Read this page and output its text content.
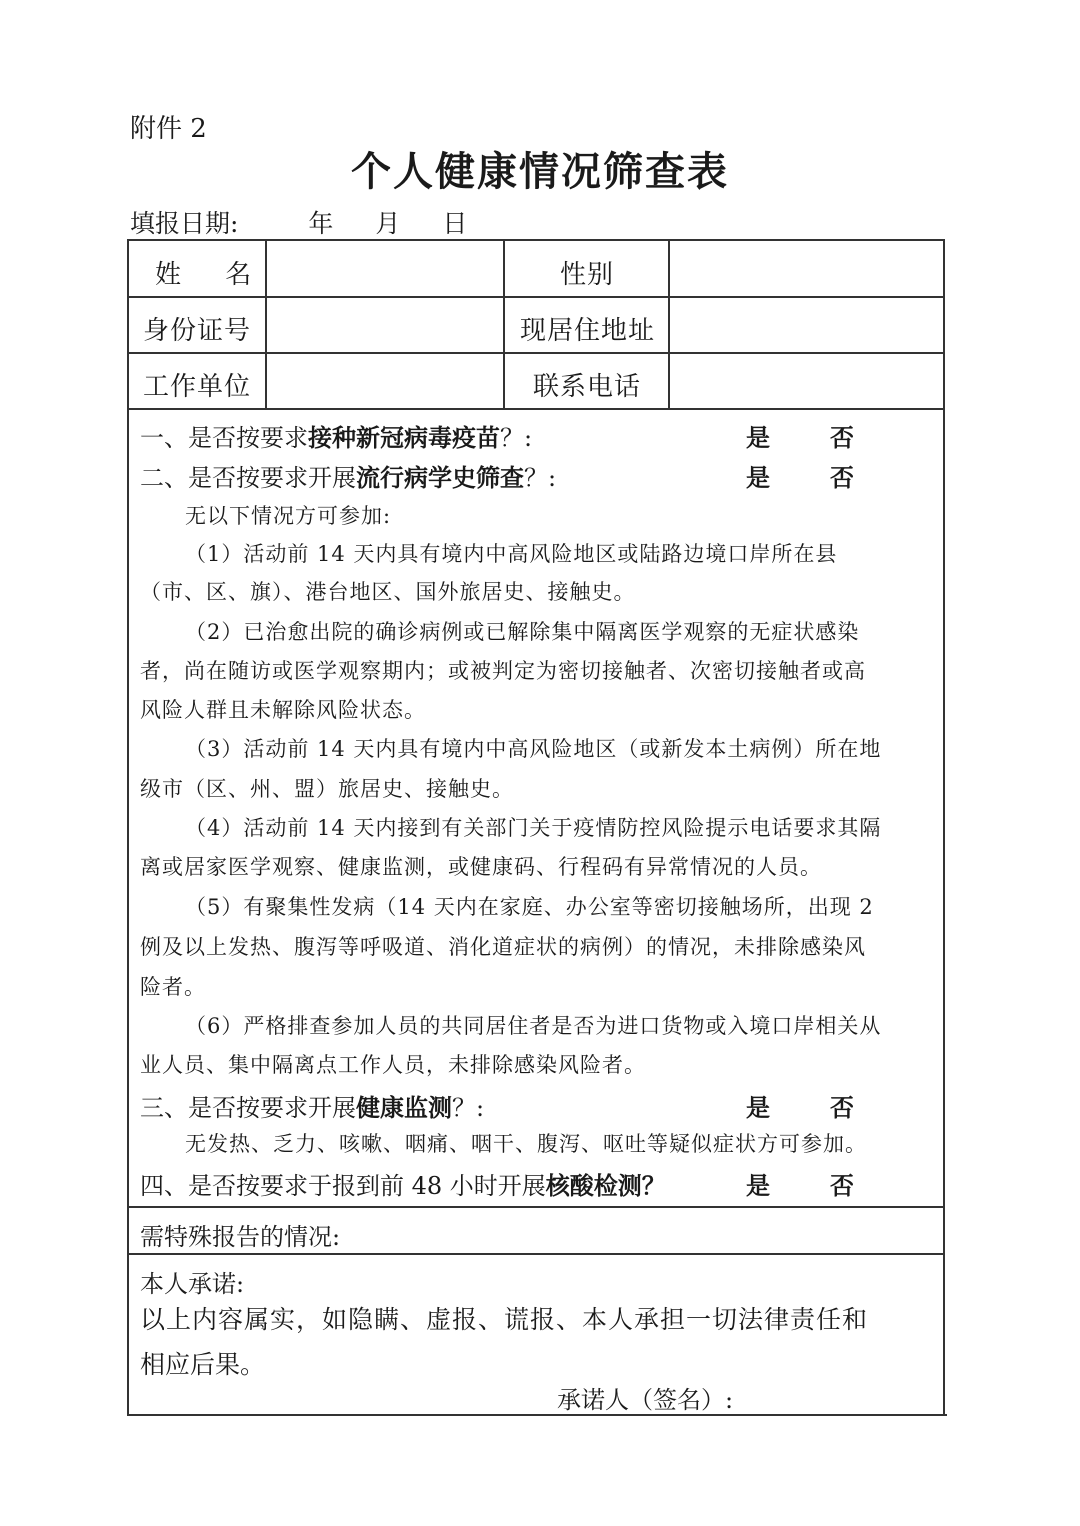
附件 2
个人健康情况筛查表
填报日期:	年 月 日
姓 名	性别
身份证号	现居住地址
工作单位	联系电话
一、是否按要求接种新冠病毒疫苗？:	是	否
二、是否按要求开展流行病学史筛查？:	是	否
无以下情况方可参加:
（1）活动前 14 天内具有境内中高风险地区或陆路边境口岸所在县
（市、区、旗）、港台地区、国外旅居史、接触史。
（2）已治愈出院的确诊病例或已解除集中隔离医学观察的无症状感染
者，尚在随访或医学观察期内；或被判定为密切接触者、次密切接触者或高
风险人群且未解除风险状态。
（3）活动前 14 天内具有境内中高风险地区（或新发本土病例）所在地
级市（区、州、盟）旅居史、接触史。
（4）活动前 14 天内接到有关部门关于疫情防控风险提示电话要求其隔
离或居家医学观察、健康监测，或健康码、行程码有异常情况的人员。
（5）有聚集性发病（14 天内在家庭、办公室等密切接触场所，出现 2
例及以上发热、腹泻等呼吸道、消化道症状的病例）的情况，未排除感染风
险者。
（6）严格排查参加人员的共同居住者是否为进口货物或入境口岸相关从
业人员、集中隔离点工作人员，未排除感染风险者。
三、是否按要求开展健康监测？:	是	否
无发热、乏力、咳嗽、咽痛、咽干、腹泻、呕吐等疑似症状方可参加。
四、是否按要求于报到前 48 小时开展核酸检测？	是	否
需特殊报告的情况:
本人承诺:
以上内容属实，如隐瞒、虚报、谎报、本人承担一切法律责任和
相应后果。
承诺人（签名）:
